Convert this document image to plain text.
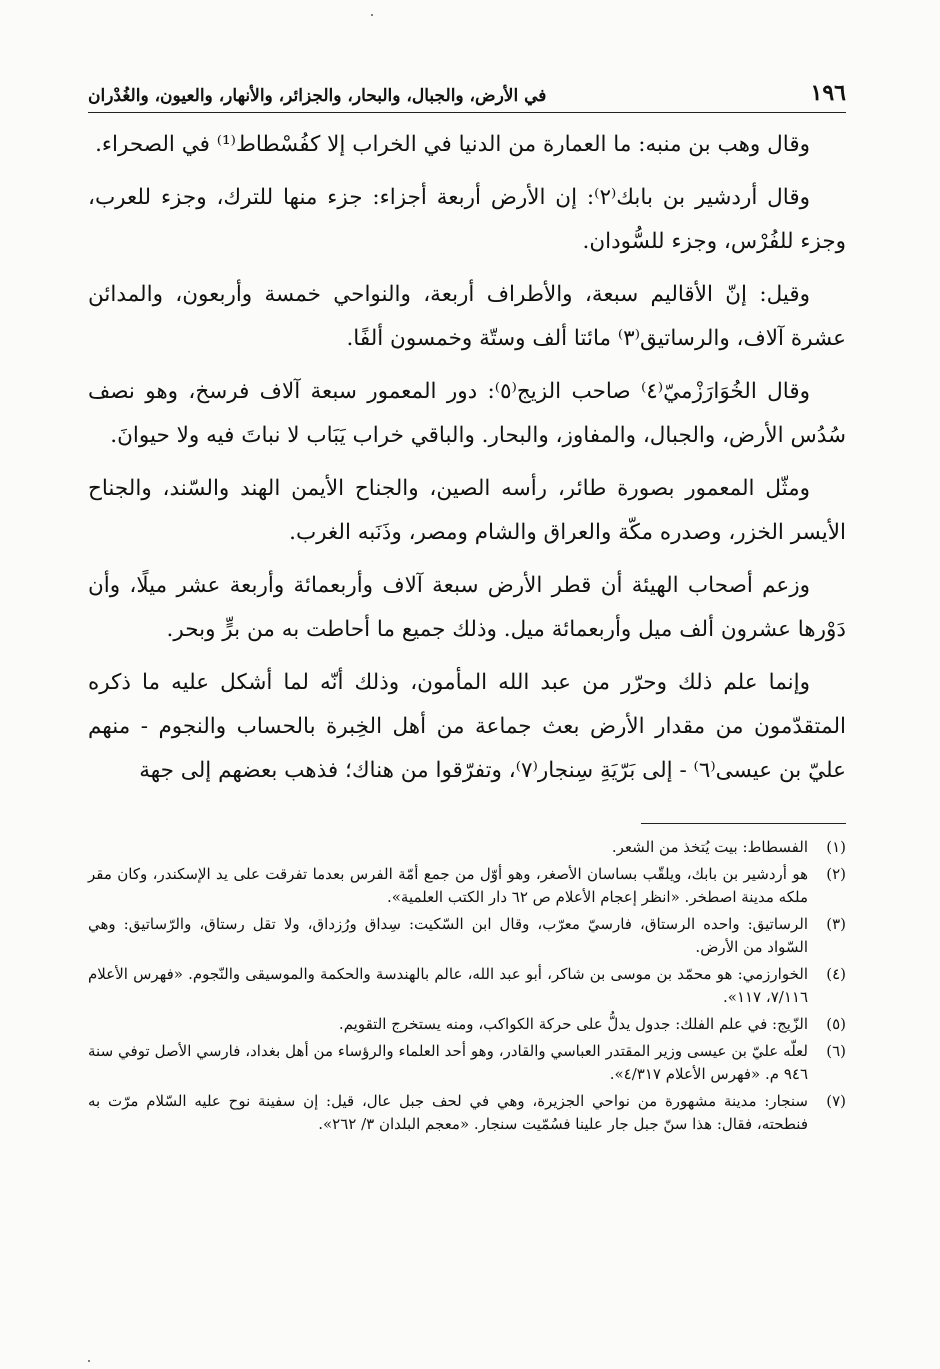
١٩٦
في الأرض، والجبال، والبحار، والجزائر، والأنهار، والعيون، والغُدْران

وقال وهب بن منبه: ما العمارة من الدنيا في الخراب إلا كفُسْطاط⁽¹⁾ في الصحراء.

وقال أردشير بن بابك⁽٢⁾: إن الأرض أربعة أجزاء: جزء منها للترك، وجزء للعرب، وجزء للفُرْس، وجزء للسُّودان.

وقيل: إنّ الأقاليم سبعة، والأطراف أربعة، والنواحي خمسة وأربعون، والمدائن عشرة آلاف، والرساتيق⁽٣⁾ مائتا ألف وستّة وخمسون ألفًا.

وقال الخُوَارَزْميّ⁽٤⁾ صاحب الزيج⁽٥⁾: دور المعمور سبعة آلاف فرسخ، وهو نصف سُدُس الأرض، والجبال، والمفاوز، والبحار. والباقي خراب يَبَاب لا نباتَ فيه ولا حيوانَ.

ومثّل المعمور بصورة طائر، رأسه الصين، والجناح الأيمن الهند والسّند، والجناح الأيسر الخزر، وصدره مكّة والعراق والشام ومصر، وذَنَبه الغرب.

وزعم أصحاب الهيئة أن قطر الأرض سبعة آلاف وأربعمائة وأربعة عشر ميلًا، وأن دَوْرها عشرون ألف ميل وأربعمائة ميل. وذلك جميع ما أحاطت به من برٍّ وبحر.

وإنما علم ذلك وحرّر من عبد الله المأمون، وذلك أنّه لما أشكل عليه ما ذكره المتقدّمون من مقدار الأرض بعث جماعة من أهل الخِبرة بالحساب والنجوم - منهم عليّ بن عيسى⁽٦⁾ - إلى بَرّيَةِ سِنجار⁽٧⁾، وتفرّقوا من هناك؛ فذهب بعضهم إلى جهة

(١)
الفسطاط: بيت يُتخذ من الشعر.
(٢)
هو أردشير بن بابك، ويلقّب بساسان الأصغر، وهو أوّل من جمع أمّة الفرس بعدما تفرقت على يد الإسكندر، وكان مقر ملكه مدينة اصطخر. «انظر إعجام الأعلام ص ٦٢ دار الكتب العلمية».
(٣)
الرساتيق: واحده الرستاق، فارسيّ معرّب، وقال ابن السّكيت: سِداق ورُزداق، ولا تقل رستاق، والرّساتيق: وهي السّواد من الأرض.
(٤)
الخوارزمي: هو محمّد بن موسى بن شاكر، أبو عبد الله، عالم بالهندسة والحكمة والموسيقى والنّجوم. «فهرس الأعلام ٧/١١٦، ١١٧».
(٥)
الزّيج: في علم الفلك: جدول يدلُّ على حركة الكواكب، ومنه يستخرج التقويم.
(٦)
لعلّه عليّ بن عيسى وزير المقتدر العباسي والقادر، وهو أحد العلماء والرؤساء من أهل بغداد، فارسي الأصل توفي سنة ٩٤٦ م. «فهرس الأعلام ٤/٣١٧».
(٧)
سنجار: مدينة مشهورة من نواحي الجزيرة، وهي في لحف جبل عال، قيل: إن سفينة نوح عليه السّلام مرّت به فنطحته، فقال: هذا سنّ جبل جار علينا فسُمّيت سنجار. «معجم البلدان ٣/ ٢٦٢».
